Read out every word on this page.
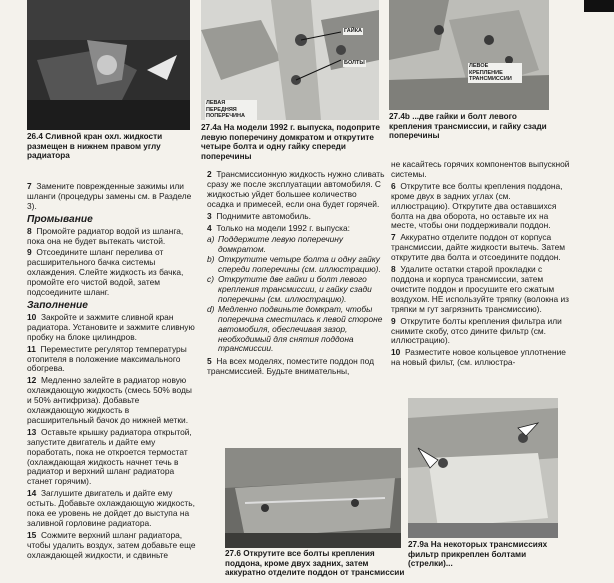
26.4 Сливной кран охл. жидкости размещен в нижнем правом углу радиатора
ГАЙКА
БОЛТЫ
ЛЕВАЯ ПЕРЕДНЯЯ ПОПЕРЕЧИНА
27.4a На модели 1992 г. выпуска, подоприте левую поперечину домкратом и открутите четыре болта и одну гайку спереди поперечины
ЛЕВОЕ КРЕПЛЕНИЕ ТРАНСМИССИИ
27.4b ...две гайки и болт левого крепления трансмиссии, и гайку сзади поперечины

7 Замените поврежденные зажимы или шланги (процедуры замены см. в Разделе 3).

Промывание

8 Промойте радиатор водой из шланга, пока она не будет вытекать чистой.

9 Отсоедините шланг перелива от расширительного бачка системы охлаждения. Слейте жидкость из бачка, промойте его чистой водой, затем подсоедините шланг.

Заполнение

10 Закройте и зажмите сливной кран радиатора. Установите и зажмите сливную пробку на блоке цилиндров.

11 Переместите регулятор температуры отопителя в положение максимального обогрева.

12 Медленно залейте в радиатор новую охлаждающую жидкость (смесь 50% воды и 50% антифриза). Добавьте охлаждающую жидкость в расширительный бачок до нижней метки.

13 Оставьте крышку радиатора открытой, запустите двигатель и дайте ему поработать, пока не откроется термостат (охлаждающая жидкость начнет течь в радиатор и верхний шланг радиатора станет горячим).

14 Заглушите двигатель и дайте ему остыть. Добавьте охлаждающую жидкость, пока ее уровень не дойдет до выступа на заливной горловине радиатора.

15 Сожмите верхний шланг радиатора, чтобы удалить воздух, затем добавьте еще охлаждающей жидкости, и сдвиньте

2 Трансмиссионную жидкость нужно сливать сразу же после эксплуатации автомобиля. С жидкостью уйдет большее количество осадка и примесей, если она будет горячей.

3 Поднимите автомобиль.

4 Только на модели 1992 г. выпуска:

a) Поддержите левую поперечину домкратом.
b) Открутите четыре болта и одну гайку спереди поперечины (см. иллюстрацию).
c) Открутите две гайки и болт левого крепления трансмиссии, и гайку сзади поперечины (см. иллюстрацию).
d) Медленно подвиньте домкрат, чтобы поперечина сместилась к левой стороне автомобиля, обеспечивая зазор, необходимый для снятия поддона трансмиссии.

5 На всех моделях, поместите поддон под трансмиссией. Будьте внимательны,

не касайтесь горячих компонентов выпускной системы.

6 Открутите все болты крепления поддона, кроме двух в задних углах (см. иллюстрацию). Открутите два оставшихся болта на два оборота, но оставьте их на месте, чтобы они поддерживали поддон.

7 Аккуратно отделите поддон от корпуса трансмиссии, дайте жидкости вытечь. Затем открутите два болта и отсоедините поддон.

8 Удалите остатки старой прокладки с поддона и корпуса трансмиссии, затем очистите поддон и просушите его сжатым воздухом. НЕ используйте тряпку (волокна из тряпки м гут загрязнить трансмиссию).

9 Открутите болты крепления фильтра или снимите скобу, отсо дините фильтр (см. иллюстрацию).

10 Разместите новое кольцевое уплотнение на новый фильт, (см. иллюстра-

27.6 Открутите все болты крепления поддона, кроме двух задних, затем аккуратно отделите поддон от трансмиссии
27.9a На некоторых трансмиссиях фильтр прикреплен болтами (стрелки)...
